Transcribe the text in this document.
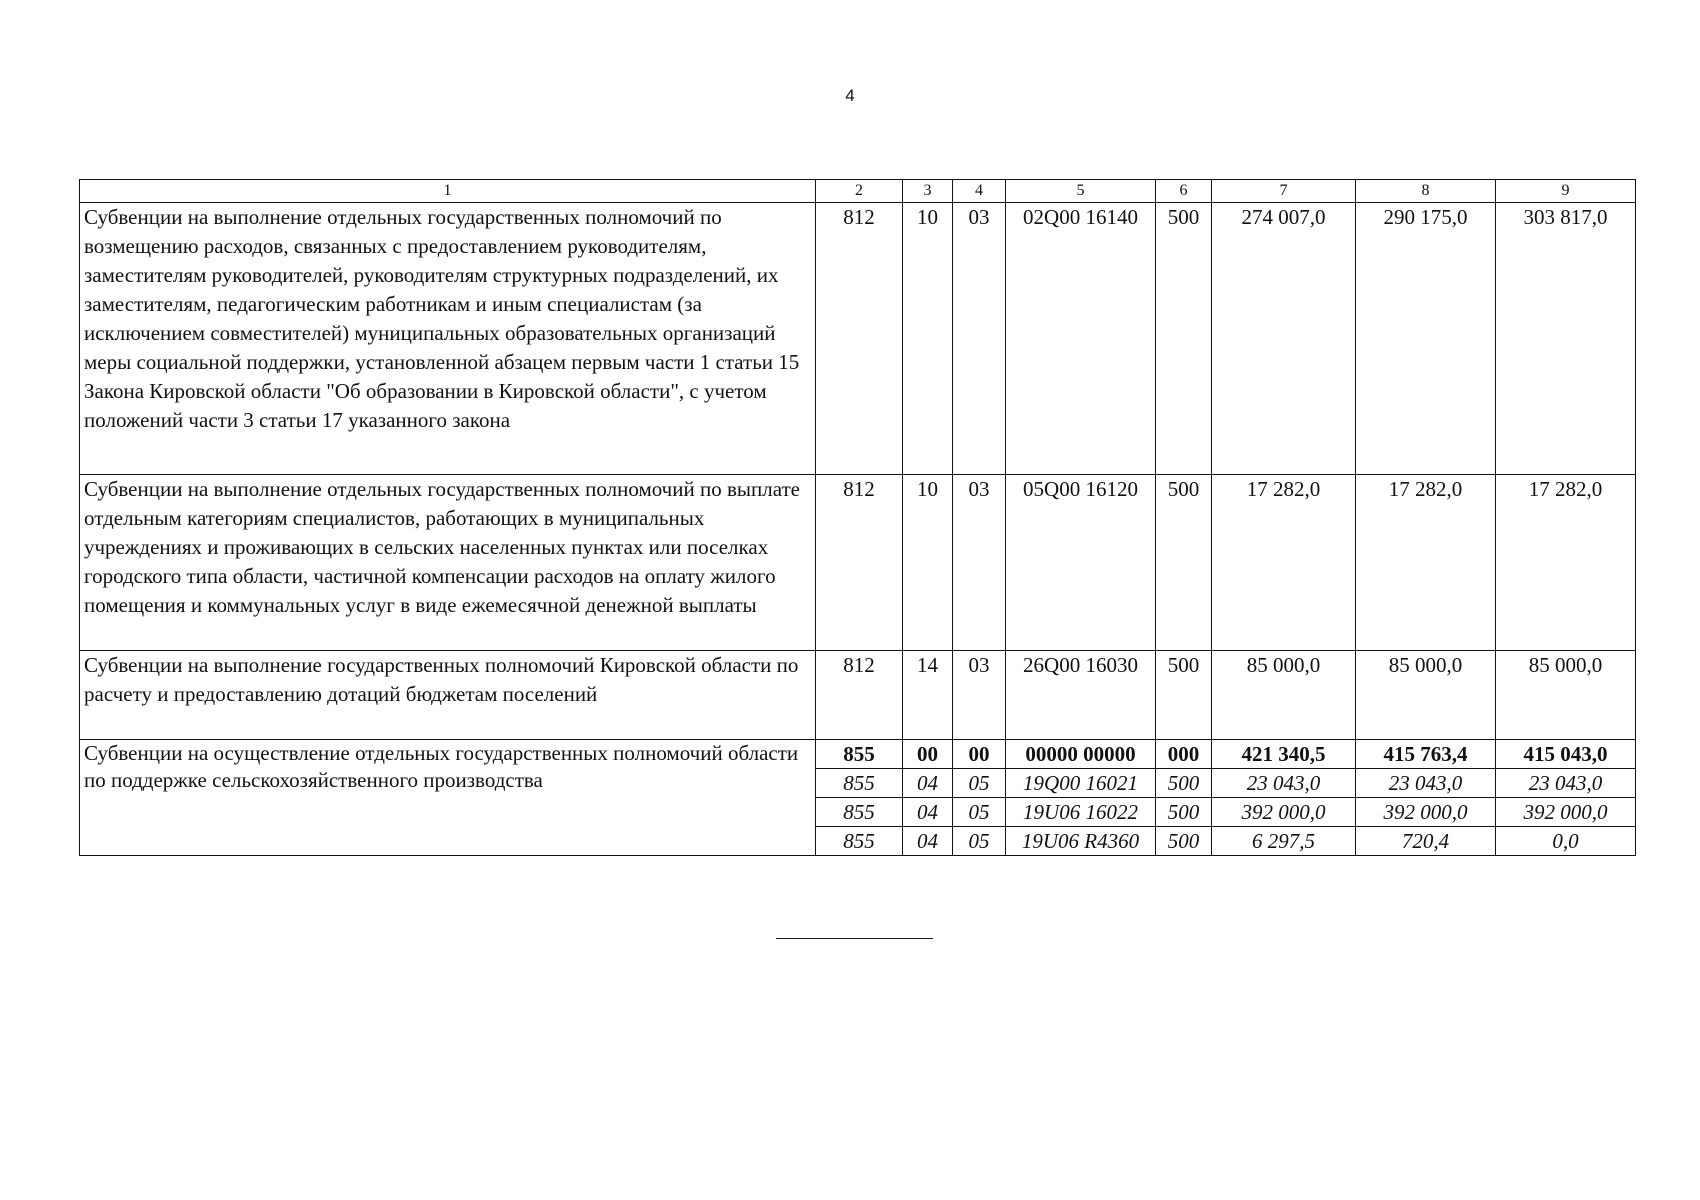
4
1	2	3	4	5	6	7	8	9
Субвенции на выполнение отдельных государственных полномочий по возмещению расходов, связанных с предоставлением руководителям, заместителям руководителей, руководителям структурных подразделений, их заместителям, педагогическим работникам и иным специалистам (за исключением совместителей) муниципальных образовательных организаций меры социальной поддержки, установленной абзацем первым части 1 статьи 15 Закона Кировской области "Об образовании в Кировской области", с учетом положений части 3 статьи 17 указанного закона	812	10	03	02Q00 16140	500	274 007,0	290 175,0	303 817,0
Субвенции на выполнение отдельных государственных полномочий по выплате отдельным категориям специалистов, работающих в муниципальных учреждениях и проживающих в сельских населенных пунктах или поселках городского типа области, частичной компенсации расходов на оплату жилого помещения и коммунальных услуг в виде ежемесячной денежной выплаты	812	10	03	05Q00 16120	500	17 282,0	17 282,0	17 282,0
Субвенции на выполнение государственных полномочий Кировской области по расчету и предоставлению дотаций бюджетам поселений	812	14	03	26Q00 16030	500	85 000,0	85 000,0	85 000,0
Субвенции на осуществление отдельных государственных полномочий области по поддержке сельскохозяйственного производства	855	00	00	00000 00000	000	421 340,5	415 763,4	415 043,0
	855	04	05	19Q00 16021	500	23 043,0	23 043,0	23 043,0
	855	04	05	19U06 16022	500	392 000,0	392 000,0	392 000,0
	855	04	05	19U06 R4360	500	6 297,5	720,4	0,0
